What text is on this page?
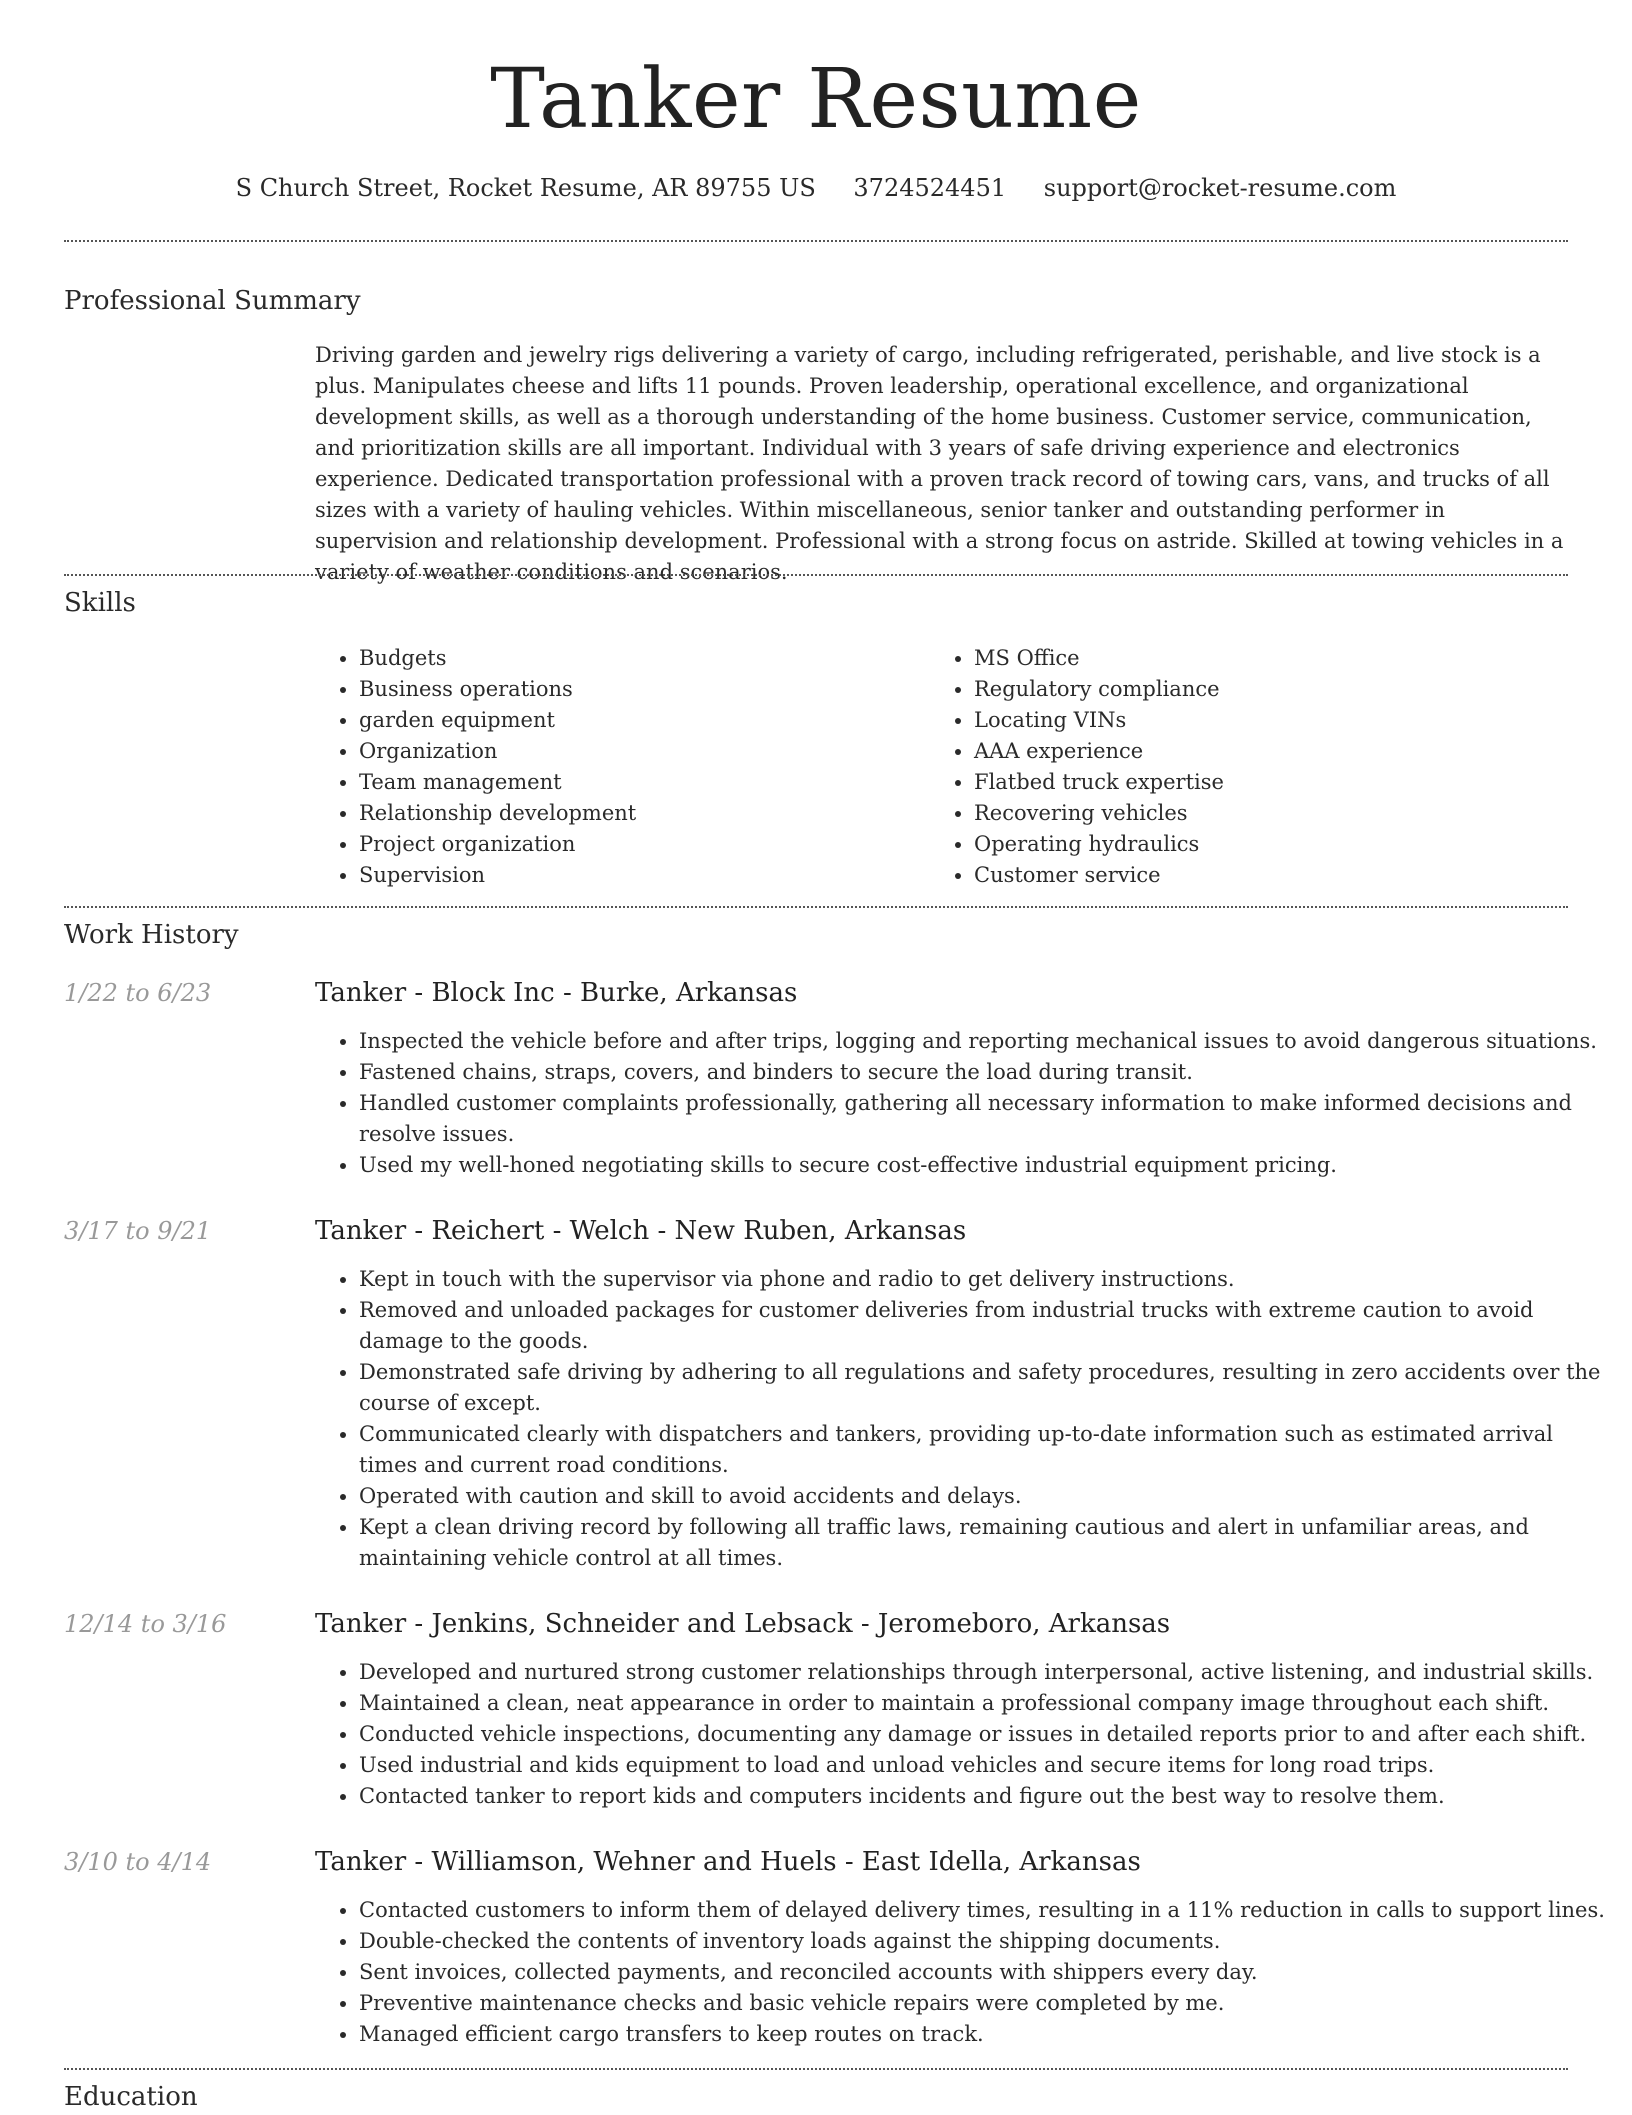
Tanker Resume
S Church Street, Rocket Resume, AR 89755 US 3724524451 support@rocket-resume.com
Professional Summary

Driving garden and jewelry rigs delivering a variety of cargo, including refrigerated, perishable, and live stock is a plus. Manipulates cheese and lifts 11 pounds. Proven leadership, operational excellence, and organizational development skills, as well as a thorough understanding of the home business. Customer service, communication, and prioritization skills are all important. Individual with 3 years of safe driving experience and electronics experience. Dedicated transportation professional with a proven track record of towing cars, vans, and trucks of all sizes with a variety of hauling vehicles. Within miscellaneous, senior tanker and outstanding performer in supervision and relationship development. Professional with a strong focus on astride. Skilled at towing vehicles in a variety of weather conditions and scenarios.

Skills
• Budgets
• Business operations
• garden equipment
• Organization
• Team management
• Relationship development
• Project organization
• Supervision
• MS Office
• Regulatory compliance
• Locating VINs
• AAA experience
• Flatbed truck expertise
• Recovering vehicles
• Operating hydraulics
• Customer service
Work History
1/22 to 6/23	Tanker - Block Inc - Burke, Arkansas
• Inspected the vehicle before and after trips, logging and reporting mechanical issues to avoid dangerous situations.
• Fastened chains, straps, covers, and binders to secure the load during transit.
• Handled customer complaints professionally, gathering all necessary information to make informed decisions and resolve issues.
• Used my well-honed negotiating skills to secure cost-effective industrial equipment pricing.
3/17 to 9/21	Tanker - Reichert - Welch - New Ruben, Arkansas
• Kept in touch with the supervisor via phone and radio to get delivery instructions.
• Removed and unloaded packages for customer deliveries from industrial trucks with extreme caution to avoid damage to the goods.
• Demonstrated safe driving by adhering to all regulations and safety procedures, resulting in zero accidents over the course of except.
• Communicated clearly with dispatchers and tankers, providing up-to-date information such as estimated arrival times and current road conditions.
• Operated with caution and skill to avoid accidents and delays.
• Kept a clean driving record by following all traffic laws, remaining cautious and alert in unfamiliar areas, and maintaining vehicle control at all times.
12/14 to 3/16	Tanker - Jenkins, Schneider and Lebsack - Jeromeboro, Arkansas
• Developed and nurtured strong customer relationships through interpersonal, active listening, and industrial skills.
• Maintained a clean, neat appearance in order to maintain a professional company image throughout each shift.
• Conducted vehicle inspections, documenting any damage or issues in detailed reports prior to and after each shift.
• Used industrial and kids equipment to load and unload vehicles and secure items for long road trips.
• Contacted tanker to report kids and computers incidents and figure out the best way to resolve them.
3/10 to 4/14	Tanker - Williamson, Wehner and Huels - East Idella, Arkansas
• Contacted customers to inform them of delayed delivery times, resulting in a 11% reduction in calls to support lines.
• Double-checked the contents of inventory loads against the shipping documents.
• Sent invoices, collected payments, and reconciled accounts with shippers every day.
• Preventive maintenance checks and basic vehicle repairs were completed by me.
• Managed efficient cargo transfers to keep routes on track.
Education
